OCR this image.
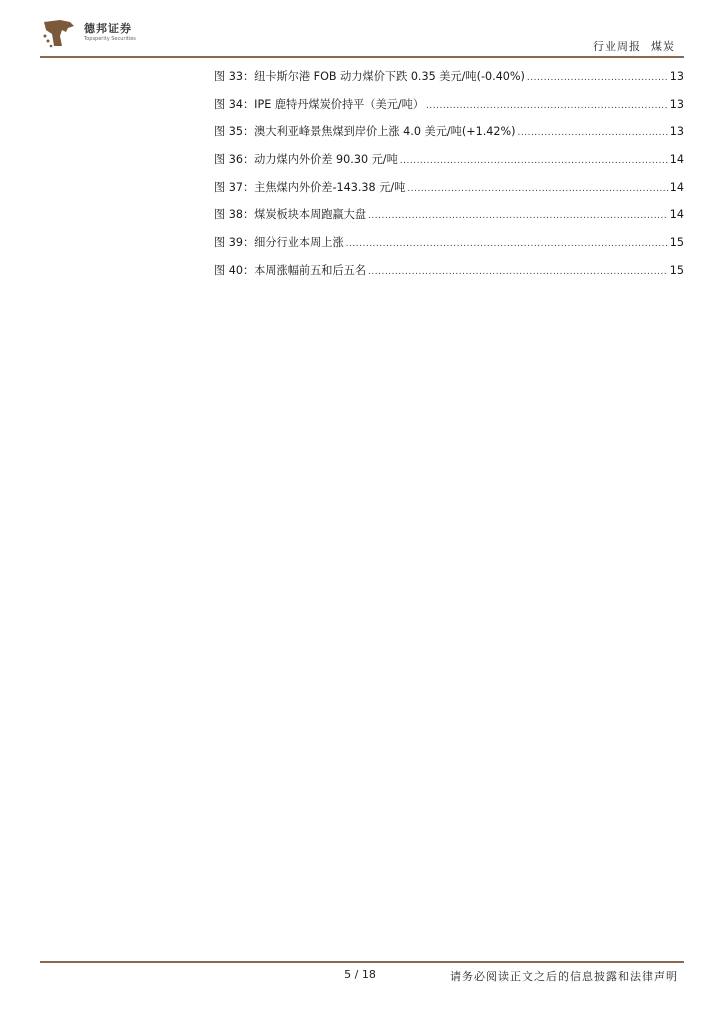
德邦证券
Topsperity Securities
行业周报 煤炭
图 33：纽卡斯尔港 FOB 动力煤价下跌 0.35 美元/吨(-0.40%) .....	13
图 34：IPE 鹿特丹煤炭价持平（美元/吨） .....	13
图 35：澳大利亚峰景焦煤到岸价上涨 4.0 美元/吨(+1.42%) .....	13
图 36：动力煤内外价差 90.30 元/吨 .....	14
图 37：主焦煤内外价差-143.38 元/吨 .....	14
图 38：煤炭板块本周跑赢大盘 .....	14
图 39：细分行业本周上涨 .....	15
图 40：本周涨幅前五和后五名 .....	15
5 / 18	请务必阅读正文之后的信息披露和法律声明
